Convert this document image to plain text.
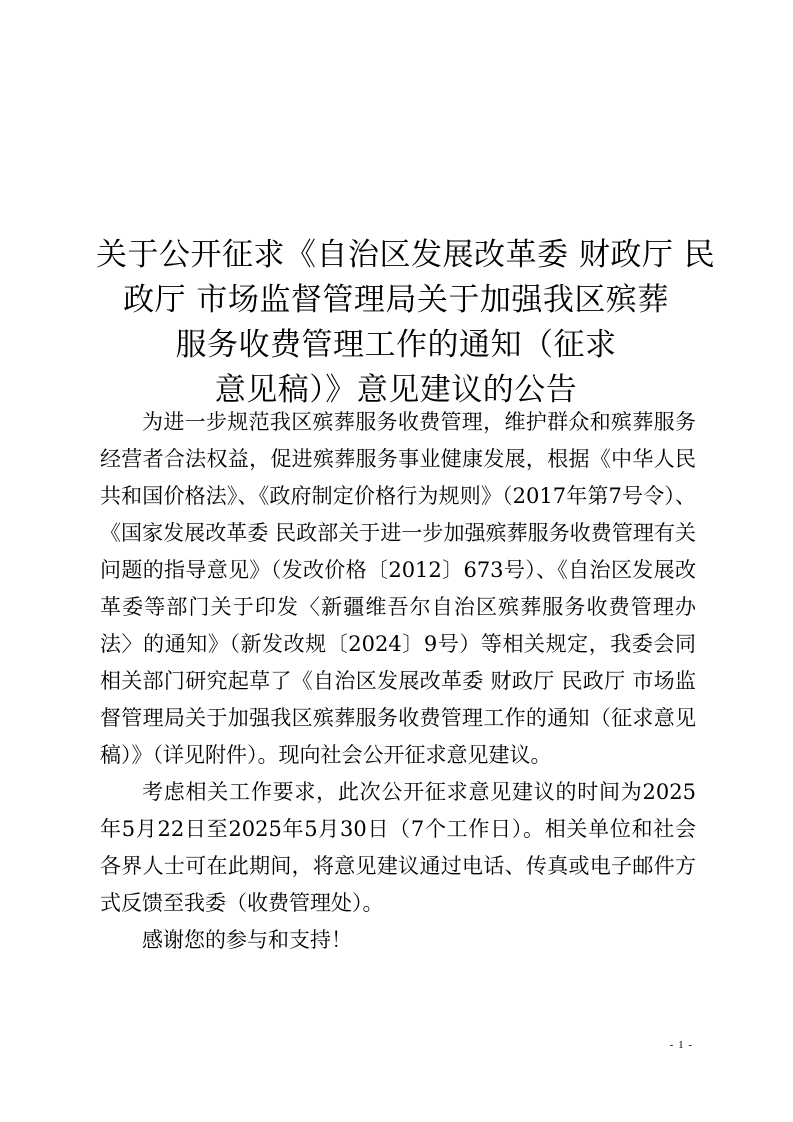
关于公开征求《自治区发展改革委 财政厅 民
政厅 市场监督管理局关于加强我区殡葬
服务收费管理工作的通知（征求
意见稿）》意见建议的公告

为进一步规范我区殡葬服务收费管理，维护群众和殡葬服务经营者合法权益，促进殡葬服务事业健康发展，根据《中华人民共和国价格法》、《政府制定价格行为规则》（2017年第7号令）、《国家发展改革委 民政部关于进一步加强殡葬服务收费管理有关问题的指导意见》（发改价格〔2012〕673号）、《自治区发展改革委等部门关于印发〈新疆维吾尔自治区殡葬服务收费管理办法〉的通知》（新发改规〔2024〕9号）等相关规定，我委会同相关部门研究起草了《自治区发展改革委 财政厅 民政厅 市场监督管理局关于加强我区殡葬服务收费管理工作的通知（征求意见稿）》（详见附件）。现向社会公开征求意见建议。

考虑相关工作要求，此次公开征求意见建议的时间为2025年5月22日至2025年5月30日（7个工作日）。相关单位和社会各界人士可在此期间，将意见建议通过电话、传真或电子邮件方式反馈至我委（收费管理处）。

感谢您的参与和支持！

- 1 -
